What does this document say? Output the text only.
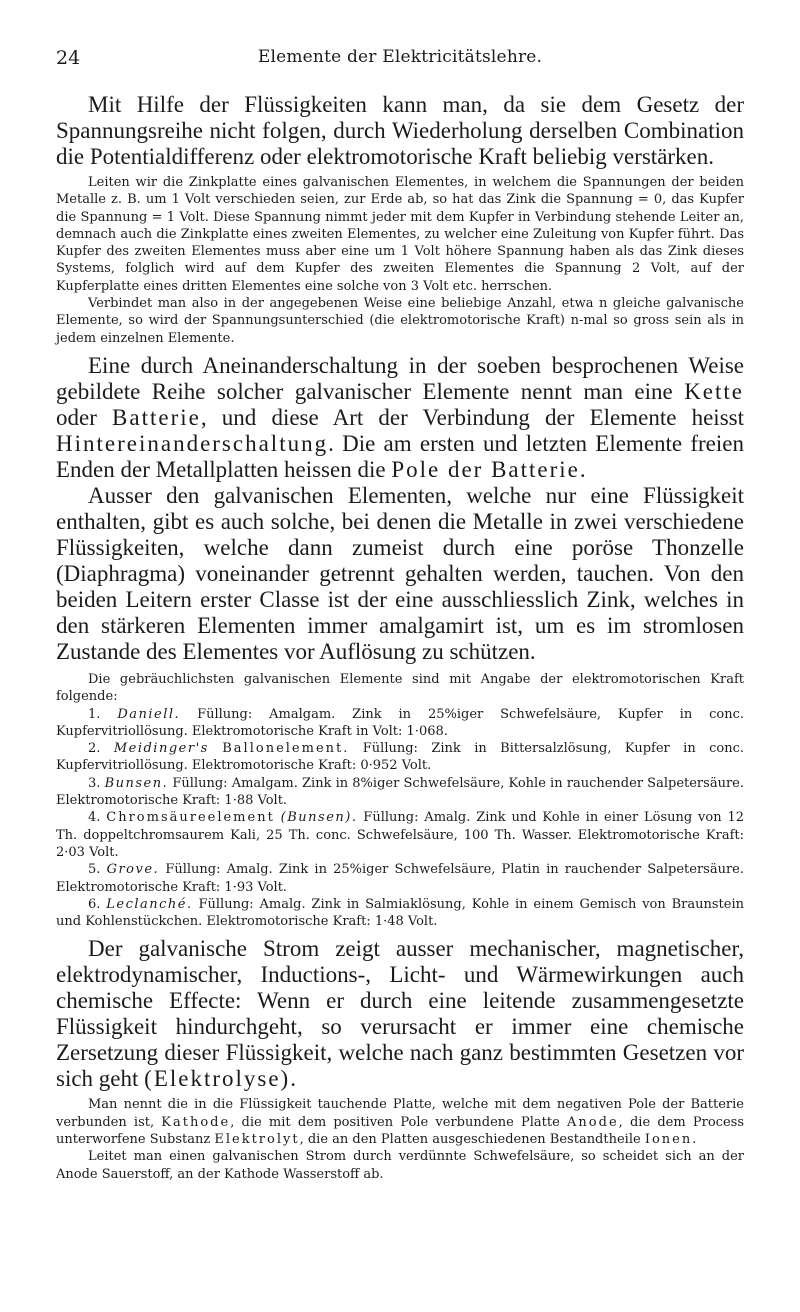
24	Elemente der Elektricitätslehre.

Mit Hilfe der Flüssigkeiten kann man, da sie dem Gesetz der Spannungsreihe nicht folgen, durch Wiederholung derselben Combination die Potentialdifferenz oder elektromotorische Kraft beliebig verstärken.

Leiten wir die Zinkplatte eines galvanischen Elementes, in welchem die Spannungen der beiden Metalle z. B. um 1 Volt verschieden seien, zur Erde ab, so hat das Zink die Spannung = 0, das Kupfer die Spannung = 1 Volt. Diese Spannung nimmt jeder mit dem Kupfer in Verbindung stehende Leiter an, demnach auch die Zinkplatte eines zweiten Elementes, zu welcher eine Zuleitung von Kupfer führt. Das Kupfer des zweiten Elementes muss aber eine um 1 Volt höhere Spannung haben als das Zink dieses Systems, folglich wird auf dem Kupfer des zweiten Elementes die Spannung 2 Volt, auf der Kupferplatte eines dritten Elementes eine solche von 3 Volt etc. herrschen.

Verbindet man also in der angegebenen Weise eine beliebige Anzahl, etwa n gleiche galvanische Elemente, so wird der Spannungsunterschied (die elektromotorische Kraft) n-mal so gross sein als in jedem einzelnen Elemente.

Eine durch Aneinanderschaltung in der soeben besprochenen Weise gebildete Reihe solcher galvanischer Elemente nennt man eine Kette oder Batterie, und diese Art der Verbindung der Elemente heisst Hintereinanderschaltung. Die am ersten und letzten Elemente freien Enden der Metallplatten heissen die Pole der Batterie.

Ausser den galvanischen Elementen, welche nur eine Flüssigkeit enthalten, gibt es auch solche, bei denen die Metalle in zwei verschiedene Flüssigkeiten, welche dann zumeist durch eine poröse Thonzelle (Diaphragma) voneinander getrennt gehalten werden, tauchen. Von den beiden Leitern erster Classe ist der eine ausschliesslich Zink, welches in den stärkeren Elementen immer amalgamirt ist, um es im stromlosen Zustande des Elementes vor Auflösung zu schützen.

Die gebräuchlichsten galvanischen Elemente sind mit Angabe der elektromotorischen Kraft folgende:

1. Daniell. Füllung: Amalgam. Zink in 25%iger Schwefelsäure, Kupfer in conc. Kupfervitriollösung. Elektromotorische Kraft in Volt: 1·068.

2. Meidinger's Ballonelement. Füllung: Zink in Bittersalzlösung, Kupfer in conc. Kupfervitriollösung. Elektromotorische Kraft: 0·952 Volt.

3. Bunsen. Füllung: Amalgam. Zink in 8%iger Schwefelsäure, Kohle in rauchender Salpetersäure. Elektromotorische Kraft: 1·88 Volt.

4. Chromsäureelement (Bunsen). Füllung: Amalg. Zink und Kohle in einer Lösung von 12 Th. doppeltchromsaurem Kali, 25 Th. conc. Schwefelsäure, 100 Th. Wasser. Elektromotorische Kraft: 2·03 Volt.

5. Grove. Füllung: Amalg. Zink in 25%iger Schwefelsäure, Platin in rauchender Salpetersäure. Elektromotorische Kraft: 1·93 Volt.

6. Leclanché. Füllung: Amalg. Zink in Salmiaklösung, Kohle in einem Gemisch von Braunstein und Kohlenstückchen. Elektromotorische Kraft: 1·48 Volt.

Der galvanische Strom zeigt ausser mechanischer, magnetischer, elektrodynamischer, Inductions-, Licht- und Wärmewirkungen auch chemische Effecte: Wenn er durch eine leitende zusammengesetzte Flüssigkeit hindurchgeht, so verursacht er immer eine chemische Zersetzung dieser Flüssigkeit, welche nach ganz bestimmten Gesetzen vor sich geht (Elektrolyse).

Man nennt die in die Flüssigkeit tauchende Platte, welche mit dem negativen Pole der Batterie verbunden ist, Kathode, die mit dem positiven Pole verbundene Platte Anode, die dem Process unterworfene Substanz Elektrolyt, die an den Platten ausgeschiedenen Bestandtheile Ionen.

Leitet man einen galvanischen Strom durch verdünnte Schwefelsäure, so scheidet sich an der Anode Sauerstoff, an der Kathode Wasserstoff ab.
